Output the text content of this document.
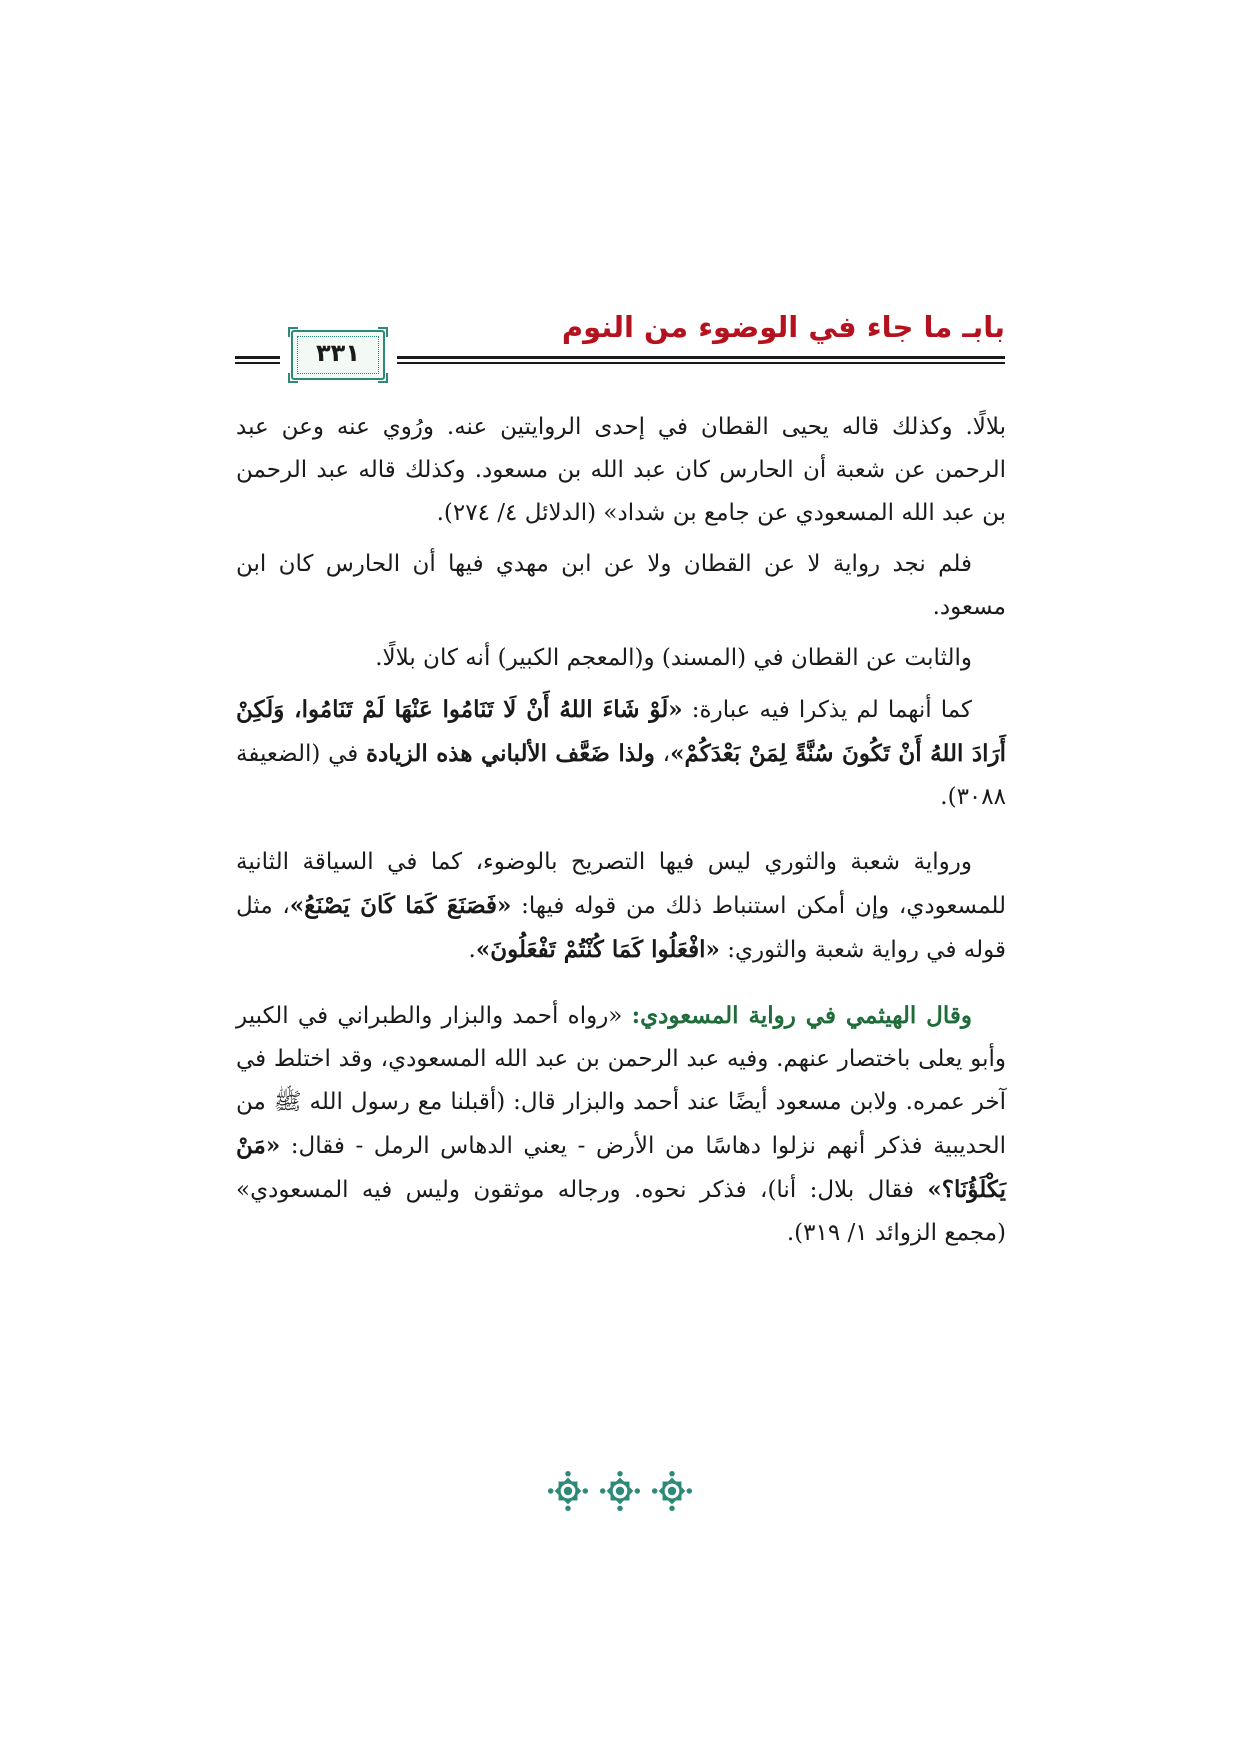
بابـ ما جاء في الوضوء من النوم
٣٣١

بلالًا. وكذلك قاله يحيى القطان في إحدى الروايتين عنه. ورُوي عنه وعن عبد الرحمن عن شعبة أن الحارس كان عبد الله بن مسعود. وكذلك قاله عبد الرحمن بن عبد الله المسعودي عن جامع بن شداد» (الدلائل ٤/ ٢٧٤).

فلم نجد رواية لا عن القطان ولا عن ابن مهدي فيها أن الحارس كان ابن مسعود.

والثابت عن القطان في (المسند) و(المعجم الكبير) أنه كان بلالًا.

كما أنهما لم يذكرا فيه عبارة: «لَوْ شَاءَ اللهُ أَنْ لَا تَنَامُوا عَنْهَا لَمْ تَنَامُوا، وَلَكِنْ أَرَادَ اللهُ أَنْ تَكُونَ سُنَّةً لِمَنْ بَعْدَكُمْ»، ولذا ضَعَّف الألباني هذه الزيادة في (الضعيفة ٣٠٨٨).

ورواية شعبة والثوري ليس فيها التصريح بالوضوء، كما في السياقة الثانية للمسعودي، وإن أمكن استنباط ذلك من قوله فيها: «فَصَنَعَ كَمَا كَانَ يَصْنَعُ»، مثل قوله في رواية شعبة والثوري: «افْعَلُوا كَمَا كُنْتُمْ تَفْعَلُونَ».

وقال الهيثمي في رواية المسعودي: «رواه أحمد والبزار والطبراني في الكبير وأبو يعلى باختصار عنهم. وفيه عبد الرحمن بن عبد الله المسعودي، وقد اختلط في آخر عمره. ولابن مسعود أيضًا عند أحمد والبزار قال: (أقبلنا مع رسول الله ﷺ من الحديبية فذكر أنهم نزلوا دهاسًا من الأرض - يعني الدهاس الرمل - فقال: «مَنْ يَكْلَؤُنَا؟» فقال بلال: أنا)، فذكر نحوه. ورجاله موثقون وليس فيه المسعودي» (مجمع الزوائد ١/ ٣١٩).
